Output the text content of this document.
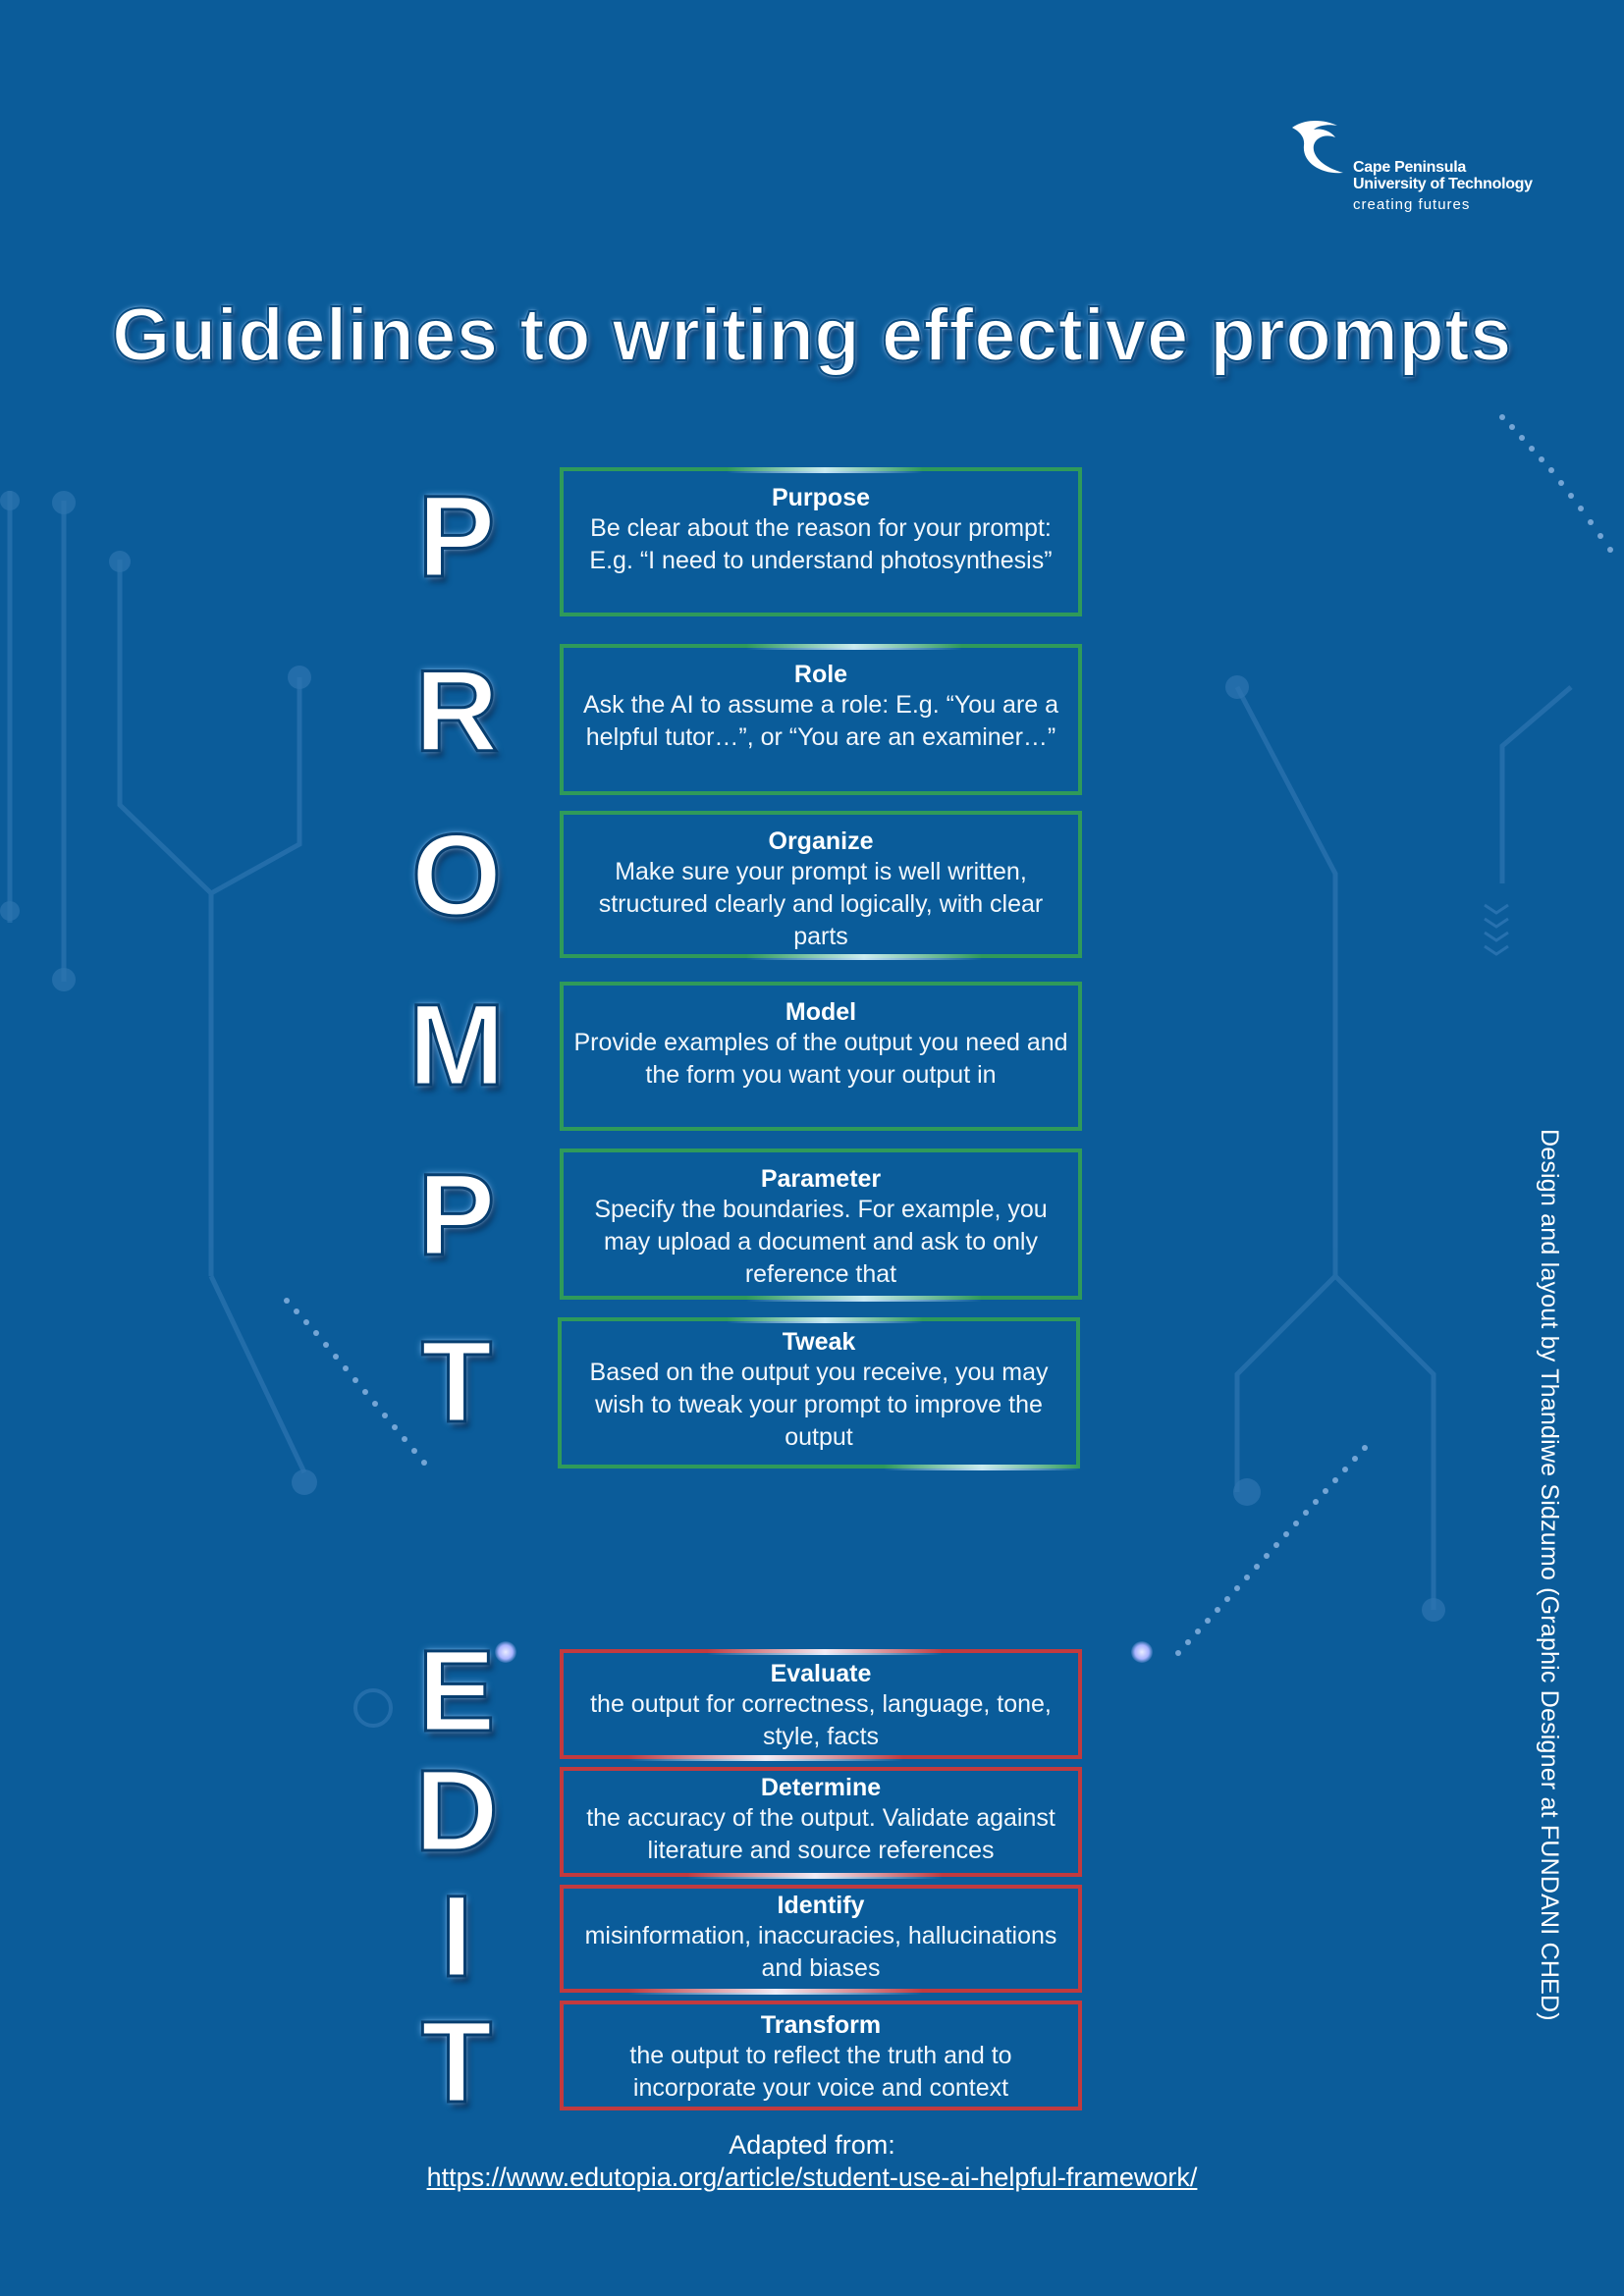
Cape Peninsula
University of Technology
creating futures
Guidelines to writing effective prompts
P
R
O
M
P
T
Purpose
Be clear about the reason for your prompt: E.g. “I need to understand photosynthesis”
Role
Ask the AI to assume a role: E.g. “You are a helpful tutor…”, or “You are an examiner…”
Organize
Make sure your prompt is well written, structured clearly and logically, with clear parts
Model
Provide examples of the output you need and the form you want your output in
Parameter
Specify the boundaries. For example, you may upload a document and ask to only reference that
Tweak
Based on the output you receive, you may wish to tweak your prompt to improve the output
E
D
I
T
Evaluate
the output for correctness, language, tone, style, facts
Determine
the accuracy of the output. Validate against literature and source references
Identify
misinformation, inaccuracies, hallucinations and biases
Transform
the output to reflect the truth and to incorporate your voice and context
Adapted from:
https://www.edutopia.org/article/student-use-ai-helpful-framework/
Design and layout by Thandiwe Sidzumo (Graphic Designer at FUNDANI CHED)
